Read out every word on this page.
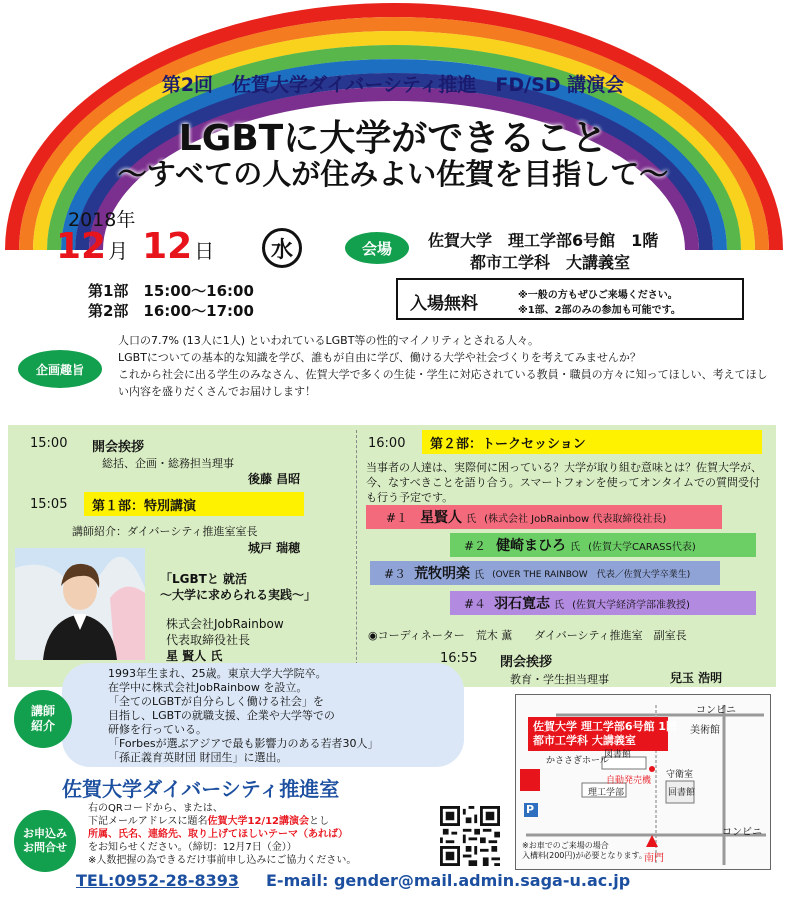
第2回　佐賀大学ダイバーシティ推進　FD/SD 講演会
LGBTに大学ができること
〜すべての人が住みよい佐賀を目指して〜
2018年
12 月 12 日	水
第1部　15:00〜16:00
第2部　16:00〜17:00
会場	佐賀大学　理工学部6号館　1階
都市工学科　大講義室
入場無料	※一般の方もぜひご来場ください。
※1部、2部のみの参加も可能です。
企画趣旨
人口の7.7% (13人に1人) といわれているLGBT等の性的マイノリティとされる人々。
LGBTについての基本的な知識を学び、誰もが自由に学び、働ける大学や社会づくりを考えてみませんか？
これから社会に出る学生のみなさん、佐賀大学で多くの生徒・学生に対応されている教員・職員の方々に知ってほしい、考えてほしい内容を盛りだくさんでお届けします！
15:00 開会挨拶
総括、企画・総務担当理事
後藤 昌昭
15:05	第１部：特別講演
講師紹介：ダイバーシティ推進室室長
城戸 瑞穂
「LGBTと 就活
〜大学に求められる実践〜」
株式会社JobRainbow
代表取締役社長
星 賢人 氏
16:00	第２部：トークセッション
当事者の人達は、実際何に困っている？大学が取り組む意味とは？佐賀大学が、今、なすべきことを語り合う。スマートフォンを使ってオンタイムでの質問受付も行う予定です。
#１ 星賢人 氏 (株式会社 JobRainbow 代表取締役社長)
#２ 健崎まひろ 氏 (佐賀大学CARASS代表)
#３ 荒牧明楽 氏 (OVER THE RAINBOW　代表／佐賀大学卒業生)
#４ 羽石寛志 氏 (佐賀大学経済学部准教授)
◉コーディネーター　荒木 薫　　ダイバーシティ推進室　副室長
16:55 閉会挨拶
教育・学生担当理事	兒玉 浩明
講師
紹介
1993年生まれ、25歳。東京大学大学院卒。
在学中に株式会社JobRainbow を設立。
「全てのLGBTが自分らしく働ける社会」を
目指し、LGBTの就職支援、企業や大学等での
研修を行っている。
「Forbesが選ぶアジアで最も影響力のある若者30人」
「孫正義育英財団 財団生」に選出。
佐賀大学ダイバーシティ推進室
お申込み
お問合せ
右のQRコードから、または、
下記メールアドレスに題名佐賀大学12/12講演会とし
所属、氏名、連絡先、取り上げてほしいテーマ（あれば）
をお知らせください。（締切：12月7日（金））
※人数把握の為できるだけ事前申し込みにご協力ください。
佐賀大学 理工学部6号館 1階
都市工学科 大講義室
コンビニ
美術館
図書館
かささぎホール
理工学部
自動発売機
守衛室
回書館
コンビニ
南門
P
※お車でのご来場の場合
入構料(200円)が必要となります。
TEL:0952-28-8393 E-mail: gender@mail.admin.saga-u.ac.jp
